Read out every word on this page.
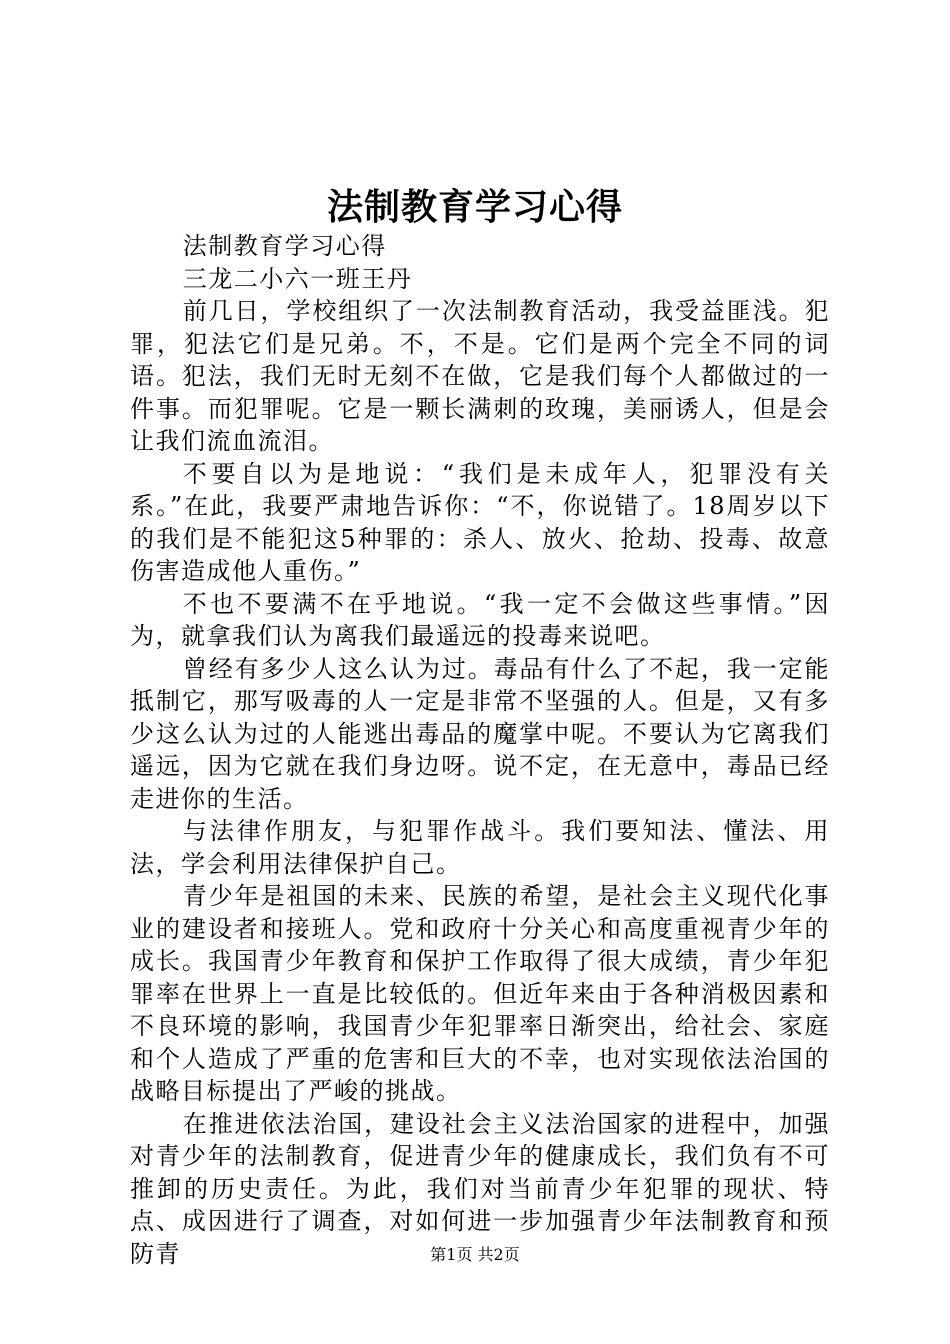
法制教育学习心得

法制教育学习心得

三龙二小六一班王丹

前几日，学校组织了一次法制教育活动，我受益匪浅。犯罪，犯法它们是兄弟。不，不是。它们是两个完全不同的词语。犯法，我们无时无刻不在做，它是我们每个人都做过的一件事。而犯罪呢。它是一颗长满刺的玫瑰，美丽诱人，但是会让我们流血流泪。

不要自以为是地说：“我们是未成年人，犯罪没有关系。”在此，我要严肃地告诉你：“不，你说错了。18周岁以下的我们是不能犯这5种罪的：杀人、放火、抢劫、投毒、故意伤害造成他人重伤。”

不也不要满不在乎地说。“我一定不会做这些事情。”因为，就拿我们认为离我们最遥远的投毒来说吧。

曾经有多少人这么认为过。毒品有什么了不起，我一定能抵制它，那写吸毒的人一定是非常不坚强的人。但是，又有多少这么认为过的人能逃出毒品的魔掌中呢。不要认为它离我们遥远，因为它就在我们身边呀。说不定，在无意中，毒品已经走进你的生活。

与法律作朋友，与犯罪作战斗。我们要知法、懂法、用法，学会利用法律保护自己。

青少年是祖国的未来、民族的希望，是社会主义现代化事业的建设者和接班人。党和政府十分关心和高度重视青少年的成长。我国青少年教育和保护工作取得了很大成绩，青少年犯罪率在世界上一直是比较低的。但近年来由于各种消极因素和不良环境的影响，我国青少年犯罪率日渐突出，给社会、家庭和个人造成了严重的危害和巨大的不幸，也对实现依法治国的战略目标提出了严峻的挑战。

在推进依法治国，建设社会主义法治国家的进程中，加强对青少年的法制教育，促进青少年的健康成长，我们负有不可推卸的历史责任。为此，我们对当前青少年犯罪的现状、特点、成因进行了调查，对如何进一步加强青少年法制教育和预防青	第1页 共2页
